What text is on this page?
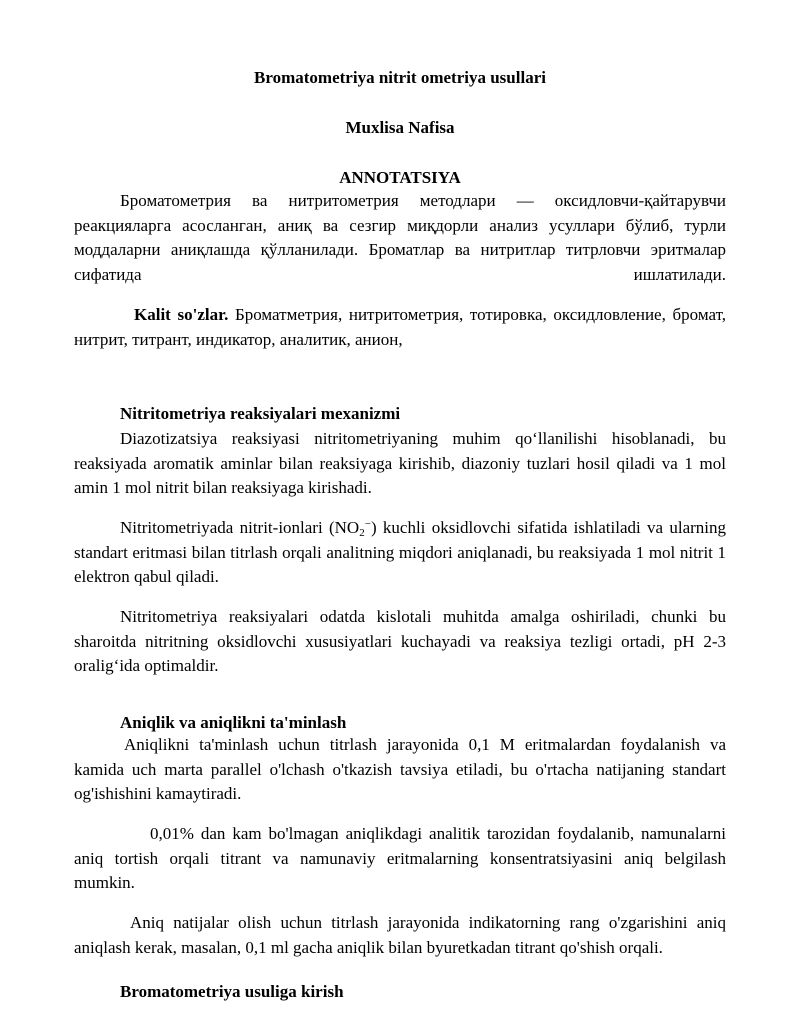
Bromatometriya nitrit ometriya usullari

Muxlisa Nafisa

ANNOTATSIYA

Броматометрия ва нитритометрия методлари — оксидловчи-қайтарувчи реакцияларга асосланган, аниқ ва сезгир миқдорли анализ усуллари бўлиб, турли моддаларни аниқлашда қўлланилади. Броматлар ва нитритлар титрловчи эритмалар сифатида ишлатилади.

Kalit so'zlar. Броматметрия, нитритометрия, тотировка, оксидловление, бромат, нитрит, титрант, индикатор, аналитик, анион,

Nitritometriya reaksiyalari mexanizmi

Diazotizatsiya reaksiyasi nitritometriyaning muhim qo‘llanilishi hisoblanadi, bu reaksiyada aromatik aminlar bilan reaksiyaga kirishib, diazoniy tuzlari hosil qiladi va 1 mol amin 1 mol nitrit bilan reaksiyaga kirishadi.

Nitritometriyada nitrit-ionlari $(NO_2^-)$ kuchli oksidlovchi sifatida ishlatiladi va ularning standart eritmasi bilan titrlash orqali analitning miqdori aniqlanadi, bu reaksiyada 1 mol nitrit 1 elektron qabul qiladi.

Nitritometriya reaksiyalari odatda kislotali muhitda amalga oshiriladi, chunki bu sharoitda nitritning oksidlovchi xususiyatlari kuchayadi va reaksiya tezligi ortadi, pH 2-3 oralig‘ida optimaldir.

Aniqlik va aniqlikni ta'minlash

Aniqlikni ta'minlash uchun titrlash jarayonida 0,1 M eritmalardan foydalanish va kamida uch marta parallel o'lchash o'tkazish tavsiya etiladi, bu o'rtacha natijaning standart og'ishishini kamaytiradi.

0,01% dan kam bo'lmagan aniqlikdagi analitik tarozidan foydalanib, namunalarni aniq tortish orqali titrant va namunaviy eritmalarning konsentratsiyasini aniq belgilash mumkin.

Aniq natijalar olish uchun titrlash jarayonida indikatorning rang o'zgarishini aniq aniqlash kerak, masalan, 0,1 ml gacha aniqlik bilan byuretkadan titrant qo'shish orqali.

Bromatometriya usuliga kirish
